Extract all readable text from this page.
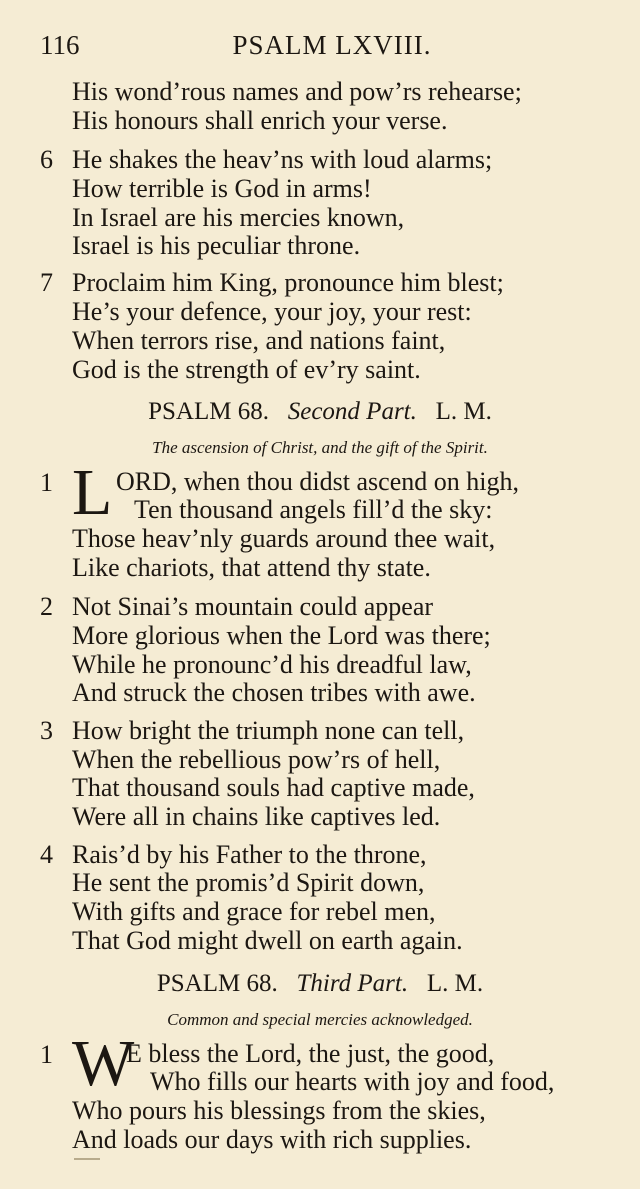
116	PSALM LXVIII.
His wond’rous names and pow’rs rehearse;
His honours shall enrich your verse.
6 He shakes the heav’ns with loud alarms;
How terrible is God in arms!
In Israel are his mercies known,
Israel is his peculiar throne.
7 Proclaim him King, pronounce him blest;
He’s your defence, your joy, your rest:
When terrors rise, and nations faint,
God is the strength of ev’ry saint.
PSALM 68. Second Part. L. M.
The ascension of Christ, and the gift of the Spirit.
1 L ORD, when thou didst ascend on high,
Ten thousand angels fill’d the sky:
Those heav’nly guards around thee wait,
Like chariots, that attend thy state.
2 Not Sinai’s mountain could appear
More glorious when the Lord was there;
While he pronounc’d his dreadful law,
And struck the chosen tribes with awe.
3 How bright the triumph none can tell,
When the rebellious pow’rs of hell,
That thousand souls had captive made,
Were all in chains like captives led.
4 Rais’d by his Father to the throne,
He sent the promis’d Spirit down,
With gifts and grace for rebel men,
That God might dwell on earth again.
PSALM 68. Third Part. L. M.
Common and special mercies acknowledged.
1 W
E bless the Lord, the just, the good,
Who fills our hearts with joy and food,
Who pours his blessings from the skies,
And loads our days with rich supplies.
